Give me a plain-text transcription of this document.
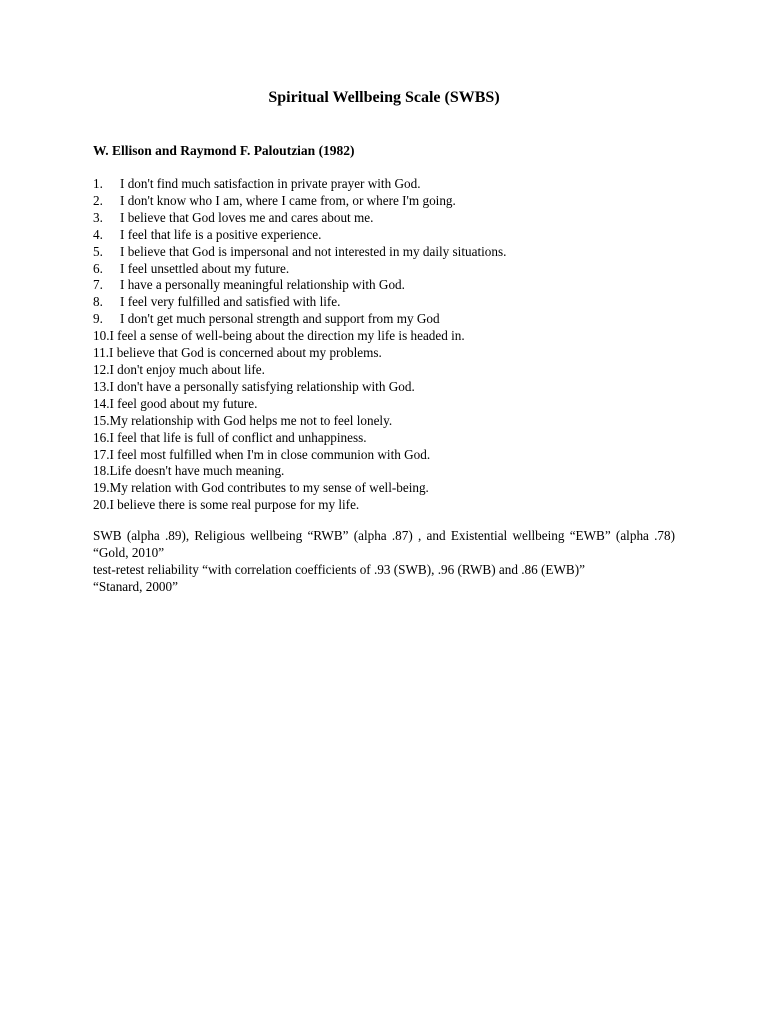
Spiritual Wellbeing Scale (SWBS)
W. Ellison and Raymond F. Paloutzian (1982)
1.	I don't find much satisfaction in private prayer with God.
2.	I don't know who I am, where I came from, or where I'm going.
3.	I believe that God loves me and cares about me.
4.	I feel that life is a positive experience.
5.	I believe that God is impersonal and not interested in my daily situations.
6.	I feel unsettled about my future.
7.	I have a personally meaningful relationship with God.
8.	I feel very fulfilled and satisfied with life.
9.	I don't get much personal strength and support from my God
10. I feel a sense of well-being about the direction my life is headed in.
11. I believe that God is concerned about my problems.
12. I don't enjoy much about life.
13. I don't have a personally satisfying relationship with God.
14. I feel good about my future.
15. My relationship with God helps me not to feel lonely.
16. I feel that life is full of conflict and unhappiness.
17. I feel most fulfilled when I'm in close communion with God.
18. Life doesn't have much meaning.
19. My relation with God contributes to my sense of well-being.
20. I believe there is some real purpose for my life.

SWB (alpha .89), Religious wellbeing “RWB” (alpha .87) , and Existential wellbeing “EWB” (alpha .78) “Gold, 2010”

test-retest reliability “with correlation coefficients of .93 (SWB), .96 (RWB) and .86 (EWB)”

“Stanard, 2000”
